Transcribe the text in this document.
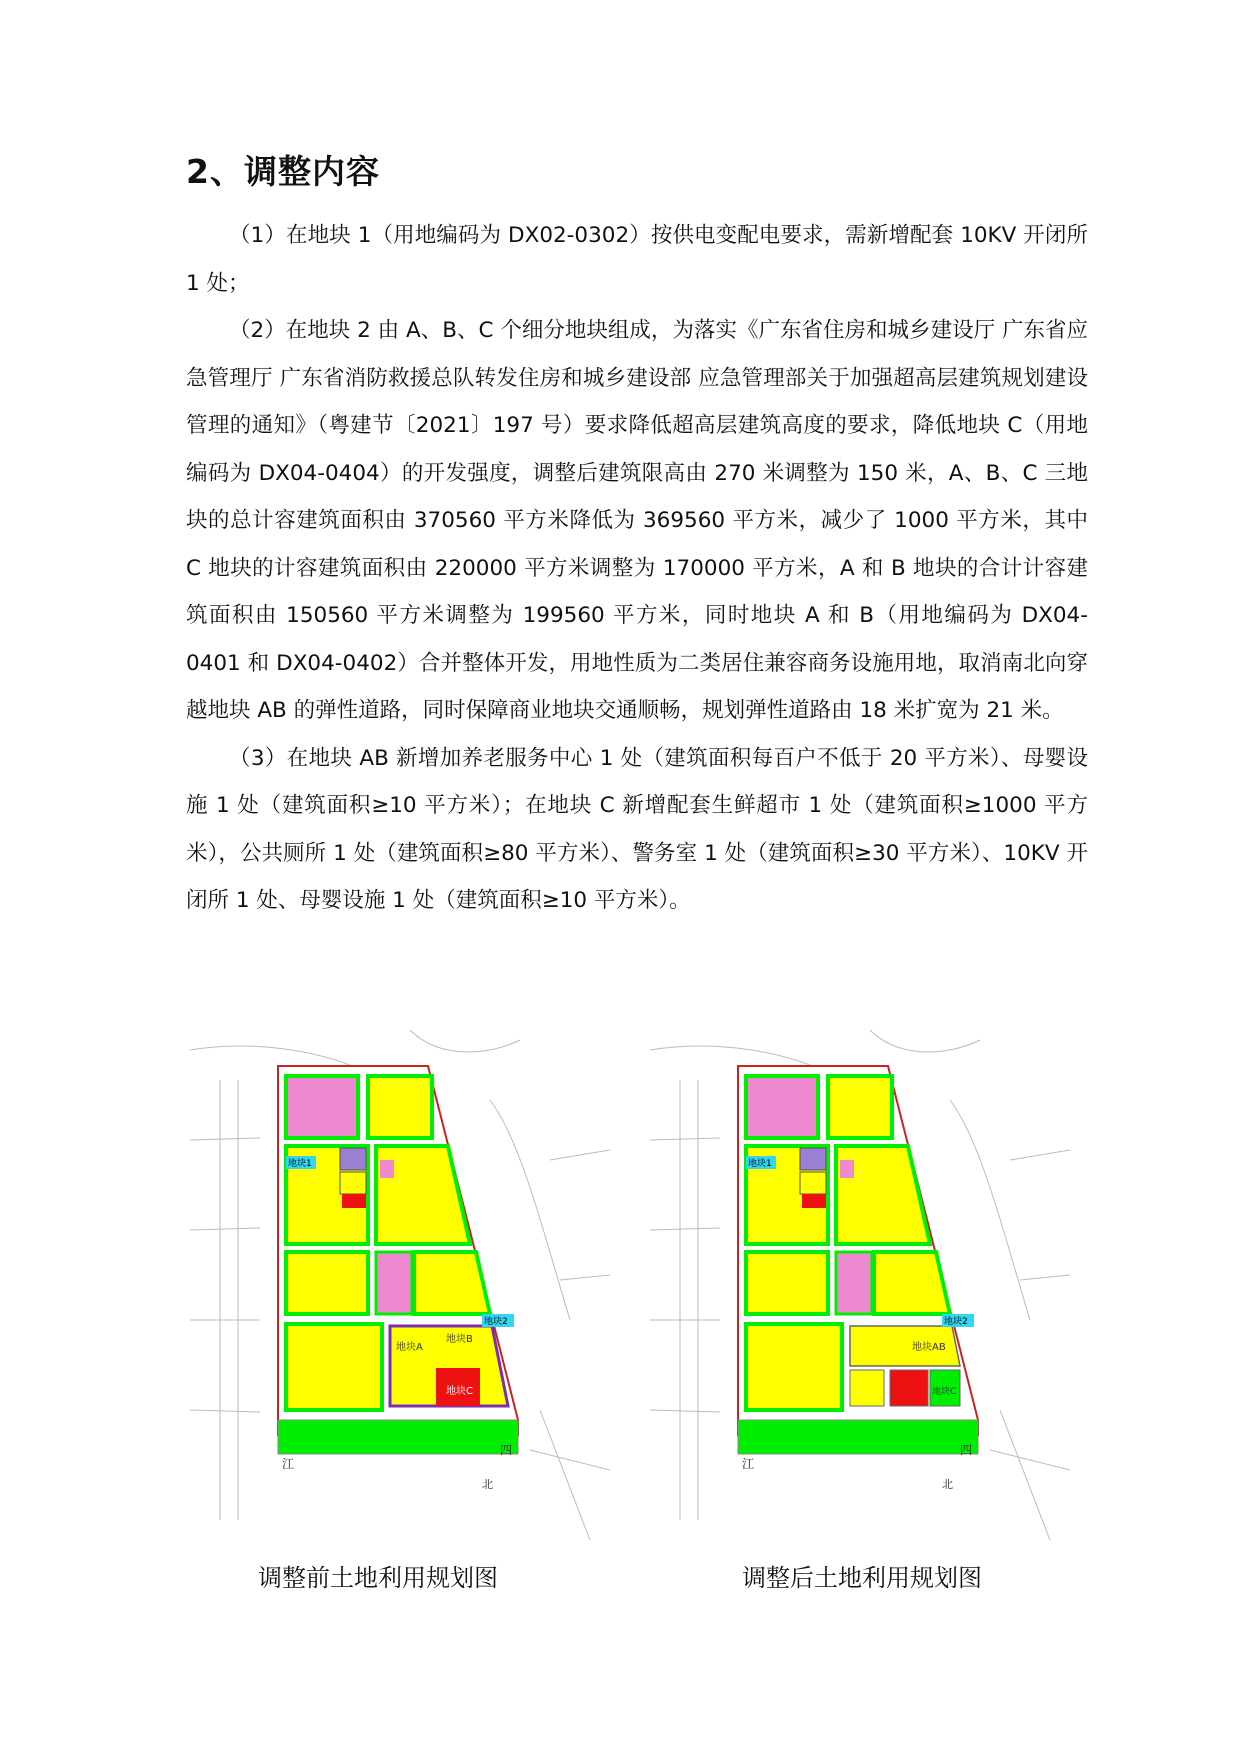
2、调整内容

（1）在地块 1（用地编码为 DX02-0302）按供电变配电要求，需新增配套 10KV 开闭所 1 处；

（2）在地块 2 由 A、B、C 个细分地块组成，为落实《广东省住房和城乡建设厅 广东省应急管理厅 广东省消防救援总队转发住房和城乡建设部 应急管理部关于加强超高层建筑规划建设管理的通知》（粤建节〔2021〕197 号）要求降低超高层建筑高度的要求，降低地块 C（用地编码为 DX04-0404）的开发强度，调整后建筑限高由 270 米调整为 150 米，A、B、C 三地块的总计容建筑面积由 370560 平方米降低为 369560 平方米，减少了 1000 平方米，其中 C 地块的计容建筑面积由 220000 平方米调整为 170000 平方米，A 和 B 地块的合计计容建筑面积由 150560 平方米调整为 199560 平方米，同时地块 A 和 B（用地编码为 DX04-0401 和 DX04-0402）合并整体开发，用地性质为二类居住兼容商务设施用地，取消南北向穿越地块 AB 的弹性道路，同时保障商业地块交通顺畅，规划弹性道路由 18 米扩宽为 21 米。

（3）在地块 AB 新增加养老服务中心 1 处（建筑面积每百户不低于 20 平方米）、母婴设施 1 处（建筑面积≥10 平方米）；在地块 C 新增配套生鲜超市 1 处（建筑面积≥1000 平方米），公共厕所 1 处（建筑面积≥80 平方米）、警务室 1 处（建筑面积≥30 平方米）、10KV 开闭所 1 处、母婴设施 1 处（建筑面积≥10 平方米）。

地块1
地块2
地块A
地块B
地块C
江
四
北
调整前土地利用规划图
地块1
地块2
地块AB
地块C
江
四
北
调整后土地利用规划图
